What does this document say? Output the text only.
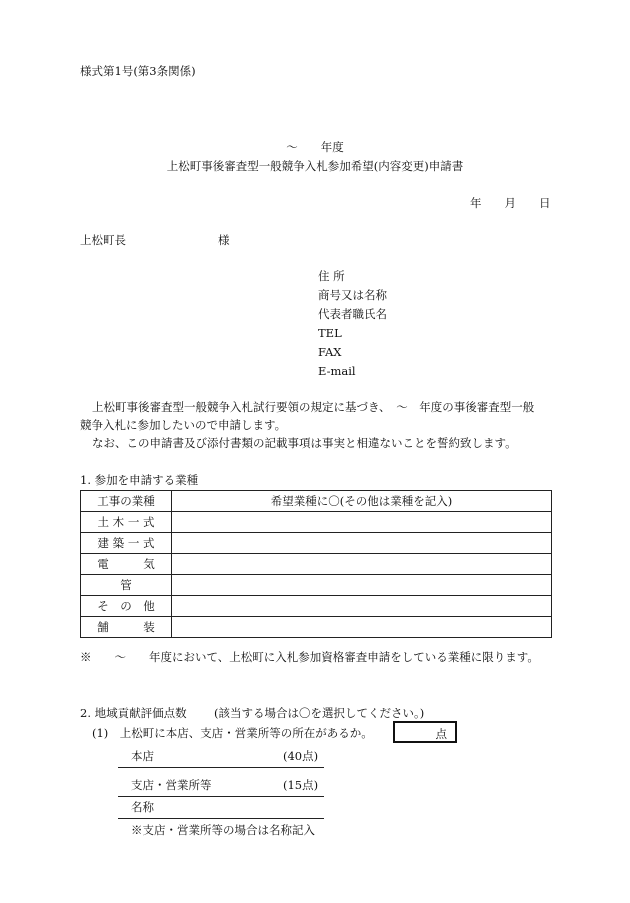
様式第1号(第3条関係)
～　　年度
上松町事後審査型一般競争入札参加希望(内容変更)申請書
年　　月　　日
上松町長	様
住 所
商号又は名称
代表者職氏名
TEL
FAX
E-mail
上松町事後審査型一般競争入札試行要領の規定に基づき、　～　年度の事後審査型一般
競争入札に参加したいので申請します。
なお、この申請書及び添付書類の記載事項は事実と相違ないことを誓約致します。
1. 参加を申請する業種
工事の業種	希望業種に〇(その他は業種を記入)
土 木 一 式	
建 築 一 式	
電　　　気	
管	
そ　の　他	
舗　　　装	
※　　～　　年度において、上松町に入札参加資格審査申請をしている業種に限ります。
2. 地域貢献評価点数 (該当する場合は〇を選択してください。)
(1)　上松町に本店、支店・営業所等の所在があるか。	点
本店	(40点)
支店・営業所等	(15点)
名称
※支店・営業所等の場合は名称記入
